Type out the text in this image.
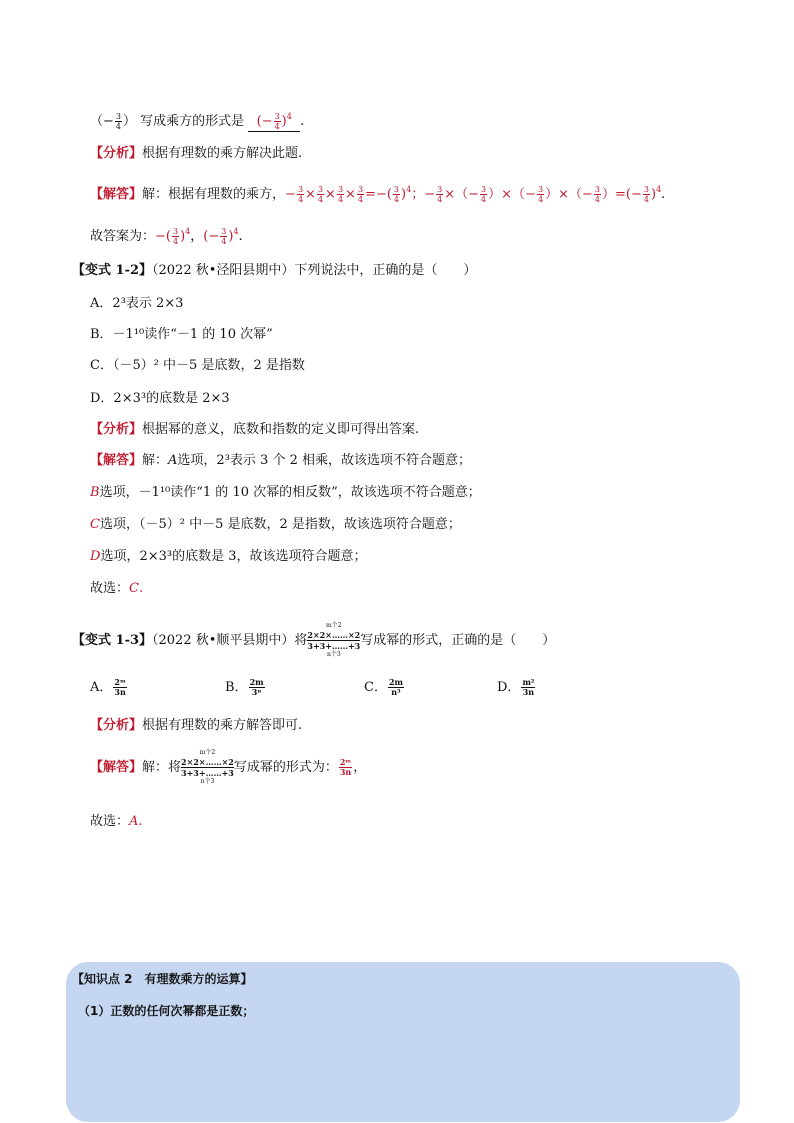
（− $\frac{3}{4}$ ） 写成乘方的形式是 (− $\frac{3}{4} )^4$ .
【分析】根据有理数的乘方解决此题.
【解答】解：根据有理数的乘方，− $\frac{3}{4} \times \frac{3}{4} \times \frac{3}{4} \times \frac{3}{4}$ =−( $\frac{3}{4} )^4$；− $\frac{3}{4}$ ×（− $\frac{3}{4}$ ）×（− $\frac{3}{4}$ ）×（− $\frac{3}{4}$ ）=(− $\frac{3}{4} )^4$.
故答案为：−( $\frac{3}{4} )^4$，(− $\frac{3}{4} )^4$.
【变式 1-2】（2022 秋•泾阳县期中）下列说法中，正确的是（　　）
A．2³表示 2×3
B．－1¹⁰读作“－1 的 10 次幂”
C．（－5）² 中－5 是底数，2 是指数
D．2×3³的底数是 2×3
【分析】根据幂的意义，底数和指数的定义即可得出答案.
【解答】解：A选项，2³表示 3 个 2 相乘，故该选项不符合题意；
B选项，－1¹⁰读作“1 的 10 次幂的相反数”，故该选项不符合题意；
C选项，（－5）² 中－5 是底数，2 是指数，故该选项符合题意；
D选项，2×3³的底数是 3，故该选项符合题意；
故选：C.
【变式 1-3】（2022 秋•顺平县期中）将
m个2
2×2×……×2
3+3+……+3
n个3
写成幂的形式，正确的是（　　）
A． $\frac{\text{2ᵐ}}{3n}$	B． $\frac{2m}{\text{3ⁿ}}$	C． $\frac{2m}{\text{n³}}$	D． $\frac{\text{m²}}{3n}$
【分析】根据有理数的乘方解答即可.
【解答】解：将
m个2
2×2×……×2
3+3+……+3
n个3
写成幂的形式为： $\frac{\text{2ᵐ}}{3n}$ ，
故选：A.
【知识点 2　有理数乘方的运算】
（1）正数的任何次幂都是正数；
